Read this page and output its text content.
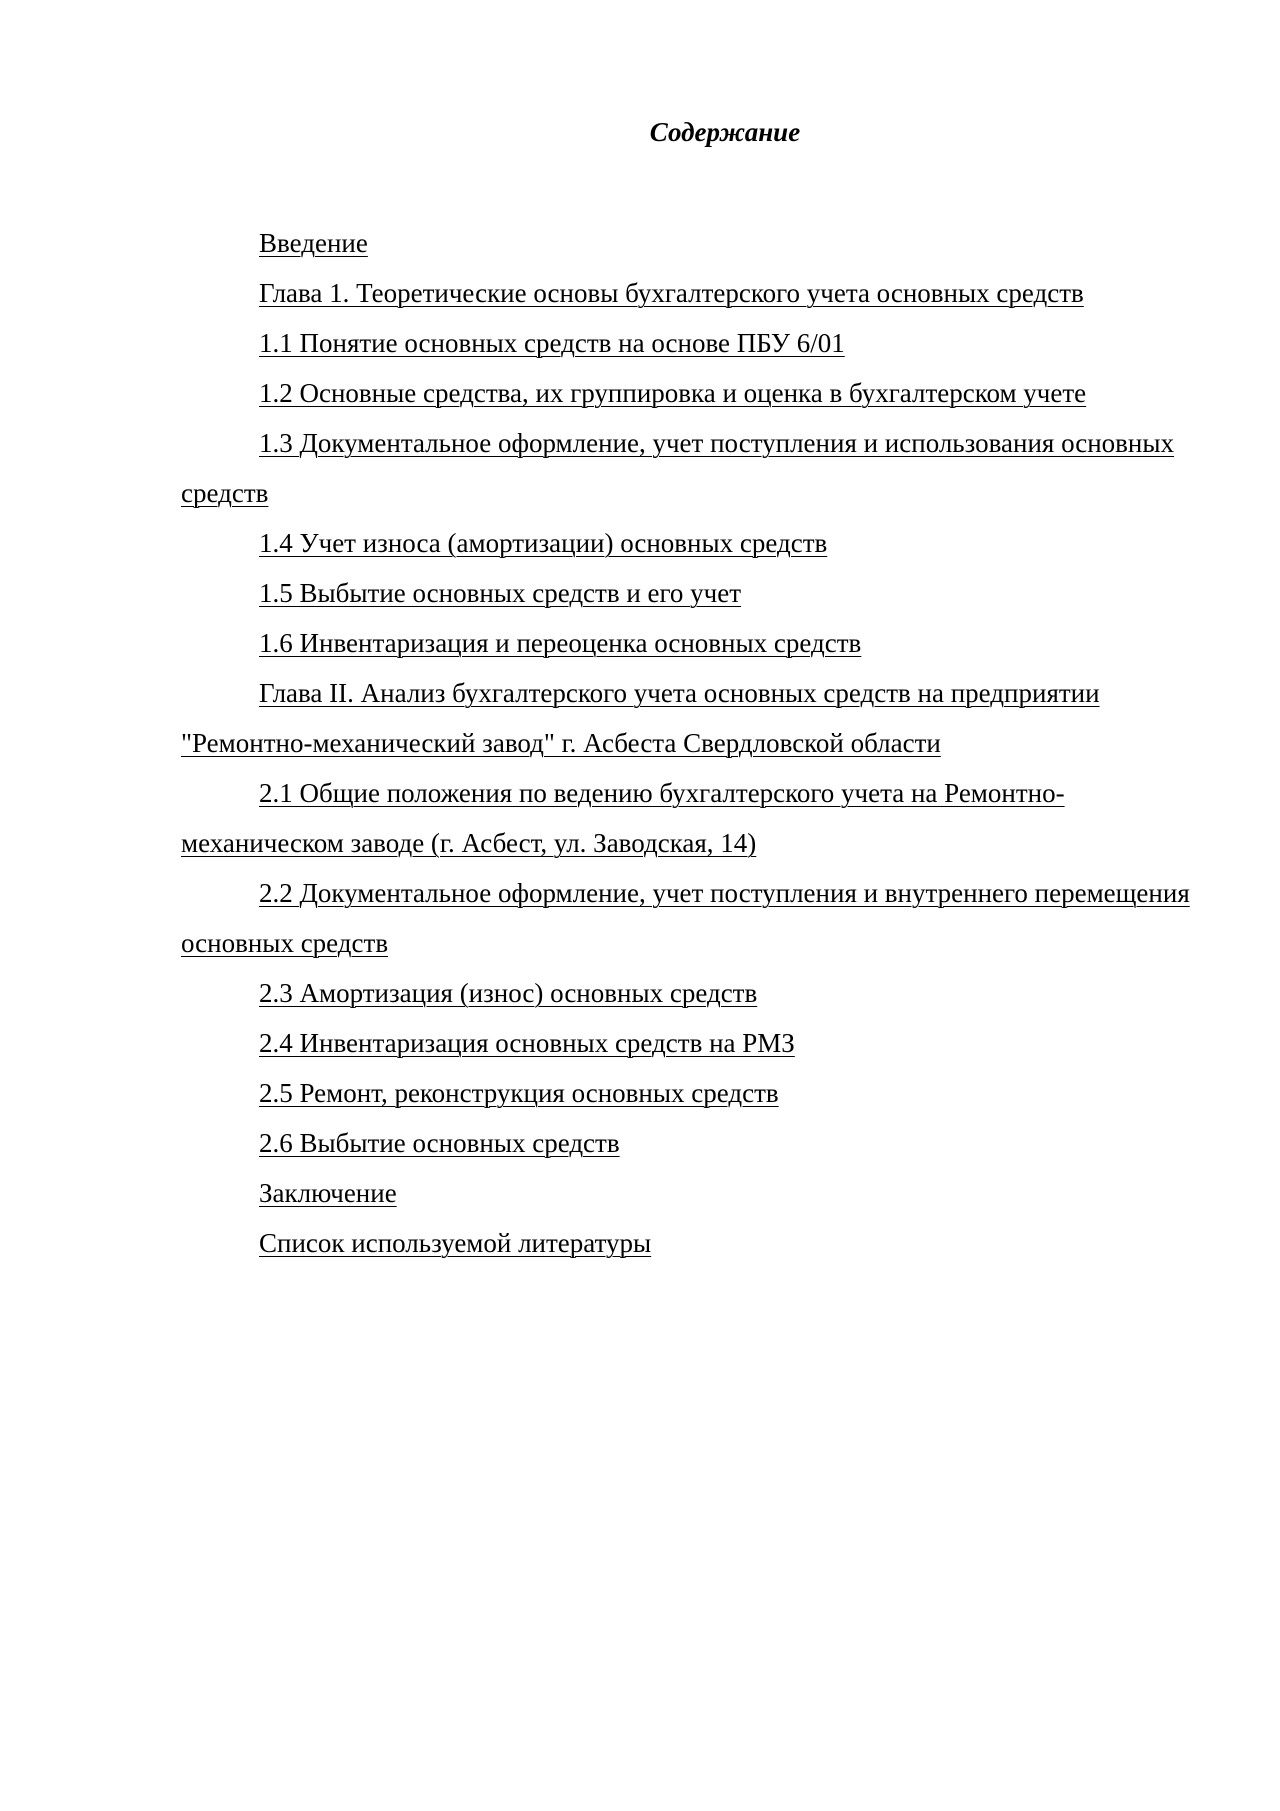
Содержание
Введение
Глава 1. Теоретические основы бухгалтерского учета основных средств
1.1 Понятие основных средств на основе ПБУ 6/01
1.2 Основные средства, их группировка и оценка в бухгалтерском учете
1.3 Документальное оформление, учет поступления и использования основных средств
1.4 Учет износа (амортизации) основных средств
1.5 Выбытие основных средств и его учет
1.6 Инвентаризация и переоценка основных средств
Глава II. Анализ бухгалтерского учета основных средств на предприятии "Ремонтно-механический завод" г. Асбеста Свердловской области
2.1 Общие положения по ведению бухгалтерского учета на Ремонтно-механическом заводе (г. Асбест, ул. Заводская, 14)
2.2 Документальное оформление, учет поступления и внутреннего перемещения основных средств
2.3 Амортизация (износ) основных средств
2.4 Инвентаризация основных средств на РМЗ
2.5 Ремонт, реконструкция основных средств
2.6 Выбытие основных средств
Заключение
Список используемой литературы
